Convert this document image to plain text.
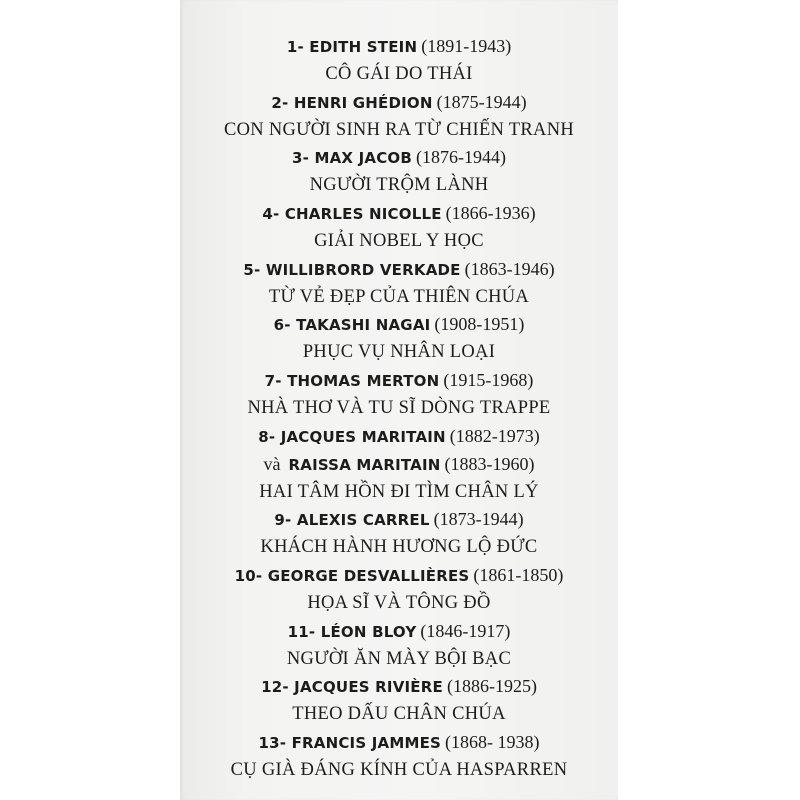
1- EDITH STEIN (1891-1943)
CÔ GÁI DO THÁI
2- HENRI GHÉDION (1875-1944)
CON NGƯỜI SINH RA TỪ CHIẾN TRANH
3- MAX JACOB (1876-1944)
NGƯỜI TRỘM LÀNH
4- CHARLES NICOLLE (1866-1936)
GIẢI NOBEL Y HỌC
5- WILLIBRORD VERKADE (1863-1946)
TỪ VẺ ĐẸP CỦA THIÊN CHÚA
6- TAKASHI NAGAI (1908-1951)
PHỤC VỤ NHÂN LOẠI
7- THOMAS MERTON (1915-1968)
NHÀ THƠ VÀ TU SĨ DÒNG TRAPPE
8- JACQUES MARITAIN (1882-1973)
và RAISSA MARITAIN (1883-1960)
HAI TÂM HỒN ĐI TÌM CHÂN LÝ
9- ALEXIS CARREL (1873-1944)
KHÁCH HÀNH HƯƠNG LỘ ĐỨC
10- GEORGE DESVALLIÈRES (1861-1850)
HỌA SĨ VÀ TÔNG ĐỒ
11- LÉON BLOY (1846-1917)
NGƯỜI ĂN MÀY BỘI BẠC
12- JACQUES RIVIÈRE (1886-1925)
THEO DẤU CHÂN CHÚA
13- FRANCIS JAMMES (1868- 1938)
CỤ GIÀ ĐÁNG KÍNH CỦA HASPARREN
